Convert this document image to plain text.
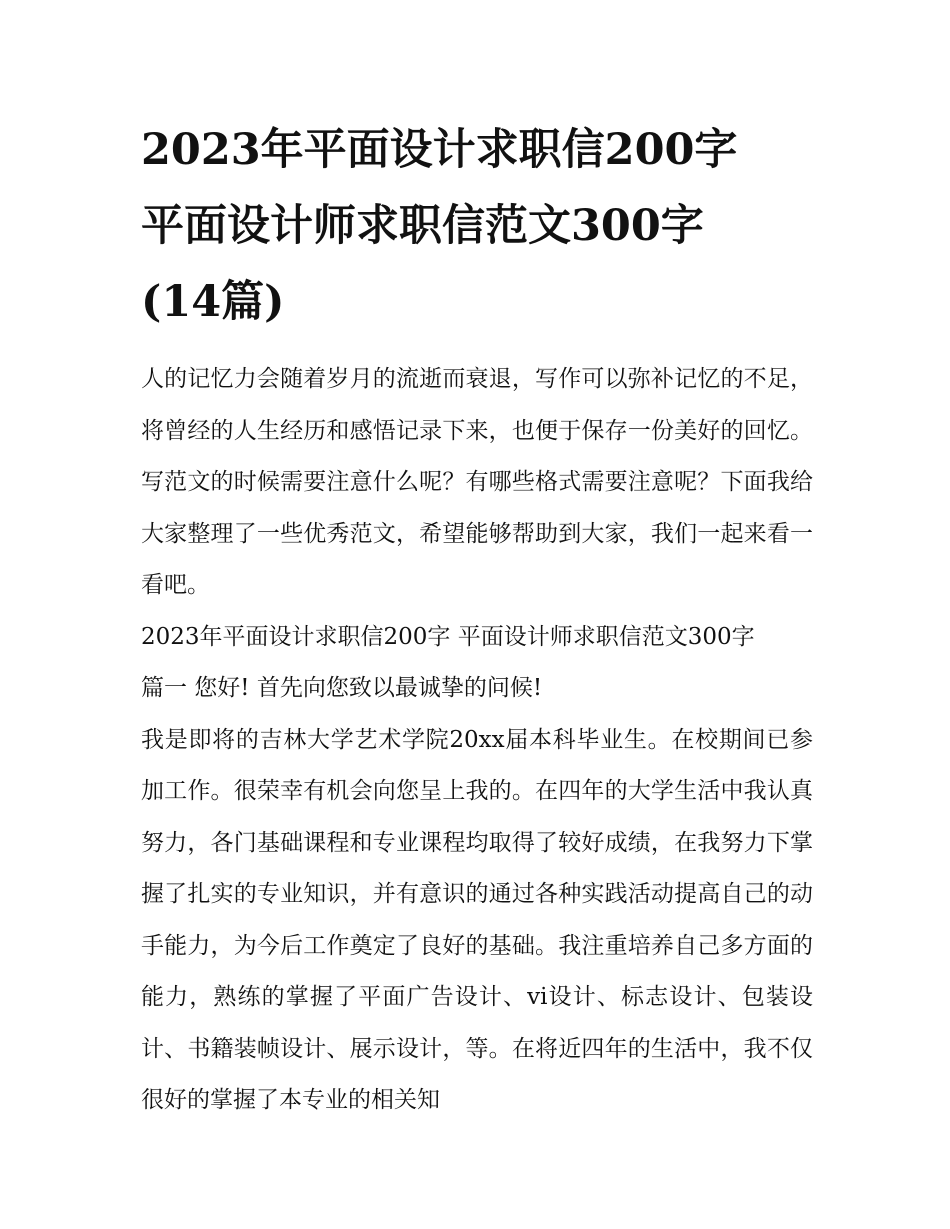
2023年平面设计求职信200字
平面设计师求职信范文300字
(14篇)

人的记忆力会随着岁月的流逝而衰退，写作可以弥补记忆的不足，将曾经的人生经历和感悟记录下来，也便于保存一份美好的回忆。写范文的时候需要注意什么呢？有哪些格式需要注意呢？下面我给大家整理了一些优秀范文，希望能够帮助到大家，我们一起来看一看吧。

2023年平面设计求职信200字 平面设计师求职信范文300字

篇一 您好! 首先向您致以最诚挚的问候!

我是即将的吉林大学艺术学院20xx届本科毕业生。在校期间已参加工作。很荣幸有机会向您呈上我的。在四年的大学生活中我认真努力，各门基础课程和专业课程均取得了较好成绩，在我努力下掌握了扎实的专业知识，并有意识的通过各种实践活动提高自己的动手能力，为今后工作奠定了良好的基础。我注重培养自己多方面的能力，熟练的掌握了平面广告设计、vi设计、标志设计、包装设计、书籍装帧设计、展示设计，等。在将近四年的生活中，我不仅很好的掌握了本专业的相关知
